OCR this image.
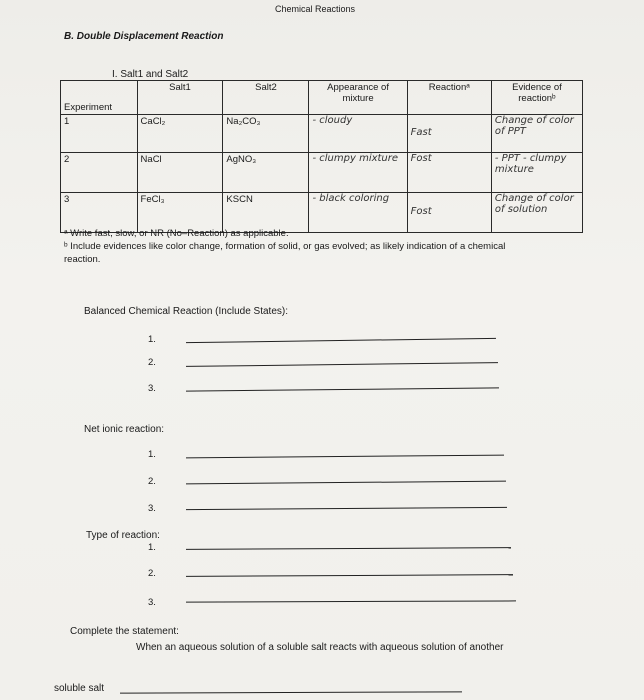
Chemical Reactions
B. Double Displacement Reaction
I. Salt1 and Salt2
Experiment	Salt1	Salt2	Appearance of mixture	Reactionᵃ	Evidence of reactionᵇ
1	CaCl₂	Na₂CO₃	- cloudy	Fast	Change of color of PPT
2	NaCl	AgNO₃	- clumpy mixture	Fost	- PPT - clumpy mixture
3	FeCl₃	KSCN	- black coloring	Fost	Change of color of solution
ᵃ Write fast, slow, or NR (No–Reaction) as applicable.
ᵇ Include evidences like color change, formation of solid, or gas evolved; as likely indication of a chemical
reaction.
Balanced Chemical Reaction (Include States):
1.
2.
3.
Net ionic reaction:
1.
2.
3.
Type of reaction:
1.
2.
3.
Complete the statement:
When an aqueous solution of a soluble salt reacts with aqueous solution of another
soluble salt
